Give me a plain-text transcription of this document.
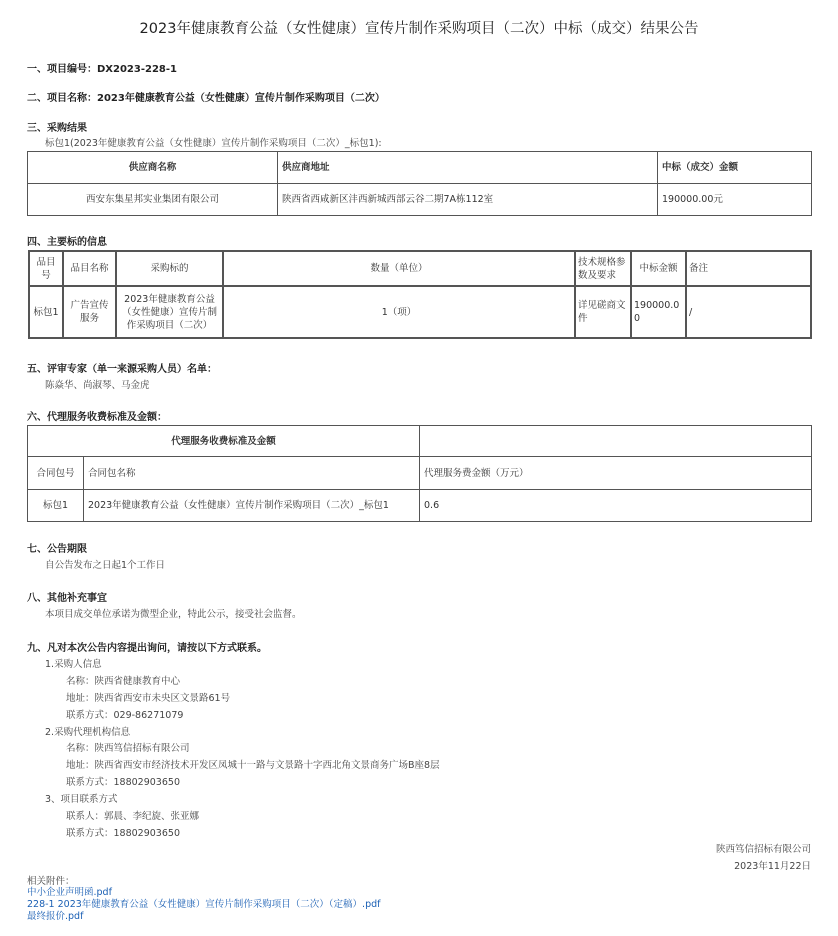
2023年健康教育公益（女性健康）宣传片制作采购项目（二次）中标（成交）结果公告
一、项目编号：DX2023-228-1
二、项目名称：2023年健康教育公益（女性健康）宣传片制作采购项目（二次）
三、采购结果
标包1(2023年健康教育公益（女性健康）宣传片制作采购项目（二次）_标包1):
供应商名称	供应商地址	中标（成交）金额
西安东集星邦实业集团有限公司	陕西省西咸新区沣西新城西部云谷二期7A栋112室	190000.00元
四、主要标的信息
品目号	品目名称	采购标的	数量（单位）	技术规格参数及要求	中标金额	备注
标包1	广告宣传服务	2023年健康教育公益（女性健康）宣传片制作采购项目（二次）	1（项）	详见磋商文件	190000.00	/
五、评审专家（单一来源采购人员）名单：
陈焱华、尚淑琴、马金虎
六、代理服务收费标准及金额：
代理服务收费标准及金额		
合同包号	合同包名称	代理服务费金额（万元）
标包1	2023年健康教育公益（女性健康）宣传片制作采购项目（二次）_标包1	0.6
七、公告期限
自公告发布之日起1个工作日
八、其他补充事宜
本项目成交单位承诺为微型企业，特此公示，接受社会监督。
九、凡对本次公告内容提出询问，请按以下方式联系。
1.采购人信息
名称：陕西省健康教育中心
地址：陕西省西安市未央区文景路61号
联系方式：029-86271079
2.采购代理机构信息
名称：陕西笃信招标有限公司
地址：陕西省西安市经济技术开发区凤城十一路与文景路十字西北角文景商务广场B座8层
联系方式：18802903650
3、项目联系方式
联系人：郭晨、李纪旋、张亚娜
联系方式：18802903650
陕西笃信招标有限公司
2023年11月22日
相关附件：
中小企业声明函.pdf
228-1 2023年健康教育公益（女性健康）宣传片制作采购项目（二次）（定稿）.pdf
最终报价.pdf
